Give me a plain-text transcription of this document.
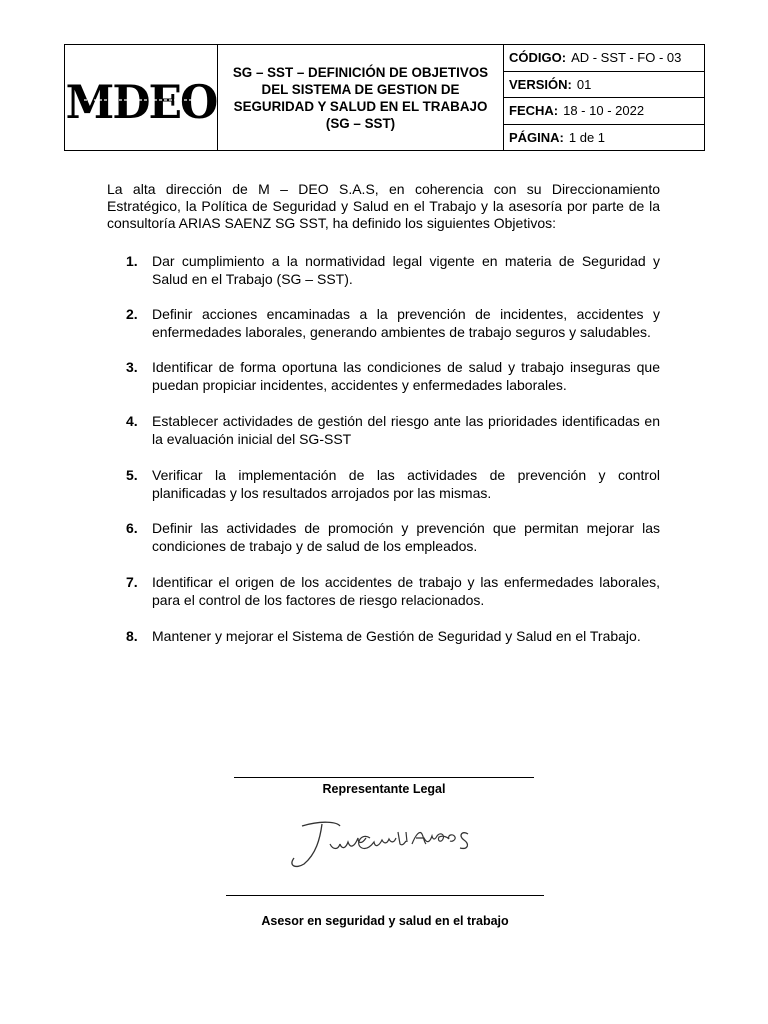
MDEO
SG – SST – DEFINICIÓN DE OBJETIVOS DEL SISTEMA DE GESTION DE SEGURIDAD Y SALUD EN EL TRABAJO (SG – SST)
CÓDIGO: AD - SST - FO - 03
VERSIÓN: 01
FECHA: 18 - 10 - 2022
PÁGINA: 1 de 1

La alta dirección de M – DEO S.A.S, en coherencia con su Direccionamiento Estratégico, la Política de Seguridad y Salud en el Trabajo y la asesoría por parte de la consultoría ARIAS SAENZ SG SST, ha definido los siguientes Objetivos:

1.	Dar cumplimiento a la normatividad legal vigente en materia de Seguridad y Salud en el Trabajo (SG – SST).
2.	Definir acciones encaminadas a la prevención de incidentes, accidentes y enfermedades laborales, generando ambientes de trabajo seguros y saludables.
3.	Identificar de forma oportuna las condiciones de salud y trabajo inseguras que puedan propiciar incidentes, accidentes y enfermedades laborales.
4.	Establecer actividades de gestión del riesgo ante las prioridades identificadas en la evaluación inicial del SG-SST
5.	Verificar la implementación de las actividades de prevención y control planificadas y los resultados arrojados por las mismas.
6.	Definir las actividades de promoción y prevención que permitan mejorar las condiciones de trabajo y de salud de los empleados.
7.	Identificar el origen de los accidentes de trabajo y las enfermedades laborales, para el control de los factores de riesgo relacionados.
8.	Mantener y mejorar el Sistema de Gestión de Seguridad y Salud en el Trabajo.
Representante Legal
Asesor en seguridad y salud en el trabajo
